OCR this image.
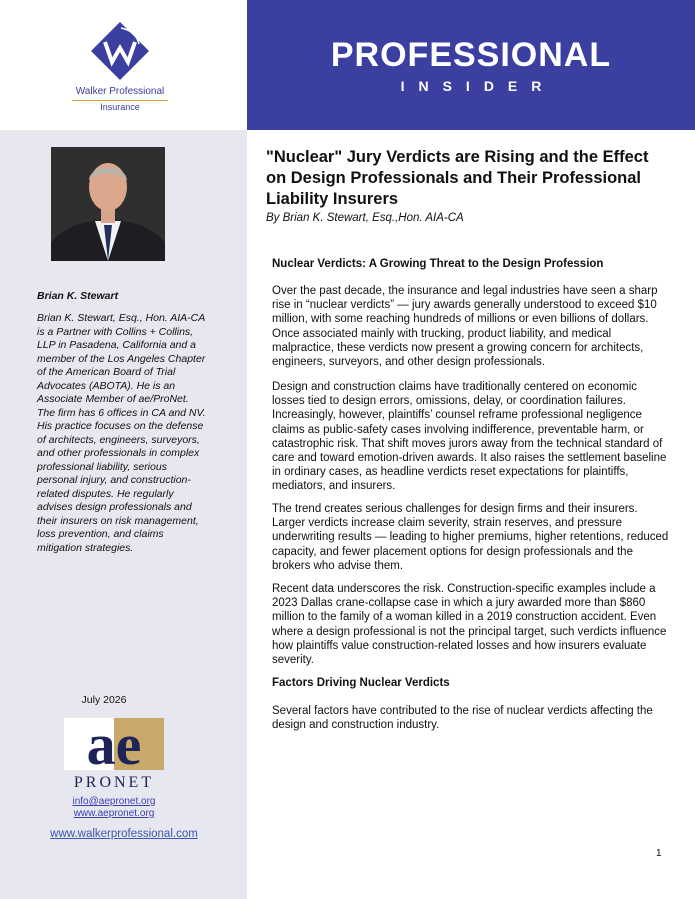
Walker Professional
Insurance
Brian K. Stewart
Brian K. Stewart, Esq., Hon. AIA-CA is a Partner with Collins + Collins, LLP in Pasadena, California and a member of the Los Angeles Chapter of the American Board of Trial Advocates (ABOTA). He is an Associate Member of ae/ProNet. The firm has 6 offices in CA and NV. His practice focuses on the defense of architects, engineers, surveyors, and other professionals in complex professional liability, serious personal injury, and construction-related disputes. He regularly advises design professionals and their insurers on risk management, loss prevention, and claims mitigation strategies.
July 2026
ae
PRONET
info@aepronet.org
www.aepronet.org
www.walkerprofessional.com
PROFESSIONAL
INSIDER
"Nuclear" Jury Verdicts are Rising and the Effect on Design Professionals and Their Professional Liability Insurers
By Brian K. Stewart, Esq.,Hon. AIA-CA
Nuclear Verdicts: A Growing Threat to the Design Profession
Over the past decade, the insurance and legal industries have seen a sharp rise in “nuclear verdicts” — jury awards generally understood to exceed $10 million, with some reaching hundreds of millions or even billions of dollars. Once associated mainly with trucking, product liability, and medical malpractice, these verdicts now present a growing concern for architects, engineers, surveyors, and other design professionals.
Design and construction claims have traditionally centered on economic losses tied to design errors, omissions, delay, or coordination failures. Increasingly, however, plaintiffs’ counsel reframe professional negligence claims as public-safety cases involving indifference, preventable harm, or catastrophic risk. That shift moves jurors away from the technical standard of care and toward emotion-driven awards. It also raises the settlement baseline in ordinary cases, as headline verdicts reset expectations for plaintiffs, mediators, and insurers.
The trend creates serious challenges for design firms and their insurers. Larger verdicts increase claim severity, strain reserves, and pressure underwriting results — leading to higher premiums, higher retentions, reduced capacity, and fewer placement options for design professionals and the brokers who advise them.
Recent data underscores the risk. Construction-specific examples include a 2023 Dallas crane-collapse case in which a jury awarded more than $860 million to the family of a woman killed in a 2019 construction accident. Even where a design professional is not the principal target, such verdicts influence how plaintiffs value construction-related losses and how insurers evaluate severity.
Factors Driving Nuclear Verdicts
Several factors have contributed to the rise of nuclear verdicts affecting the design and construction industry.
1
